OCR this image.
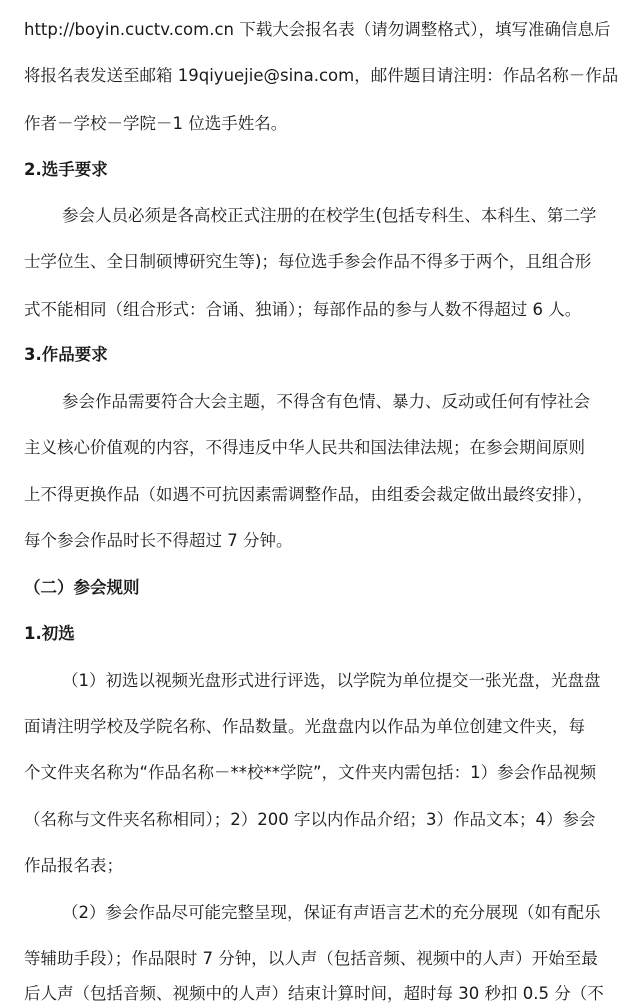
http://boyin.cuctv.com.cn 下载大会报名表（请勿调整格式），填写准确信息后

将报名表发送至邮箱 19qiyuejie@sina.com，邮件题目请注明：作品名称－作品

作者－学校－学院－1 位选手姓名。

2.选手要求

参会人员必须是各高校正式注册的在校学生(包括专科生、本科生、第二学

士学位生、全日制硕博研究生等)；每位选手参会作品不得多于两个，且组合形

式不能相同（组合形式：合诵、独诵）；每部作品的参与人数不得超过 6 人。

3.作品要求

参会作品需要符合大会主题，不得含有色情、暴力、反动或任何有悖社会

主义核心价值观的内容，不得违反中华人民共和国法律法规；在参会期间原则

上不得更换作品（如遇不可抗因素需调整作品，由组委会裁定做出最终安排），

每个参会作品时长不得超过 7 分钟。

（二）参会规则

1.初选

（1）初选以视频光盘形式进行评选，以学院为单位提交一张光盘，光盘盘

面请注明学校及学院名称、作品数量。光盘盘内以作品为单位创建文件夹，每

个文件夹名称为“作品名称－**校**学院”，文件夹内需包括：1）参会作品视频

（名称与文件夹名称相同）；2）200 字以内作品介绍；3）作品文本；4）参会

作品报名表；

（2）参会作品尽可能完整呈现，保证有声语言艺术的充分展现（如有配乐

等辅助手段）；作品限时 7 分钟，以人声（包括音频、视频中的人声）开始至最

后人声（包括音频、视频中的人声）结束计算时间，超时每 30 秒扣 0.5 分（不
